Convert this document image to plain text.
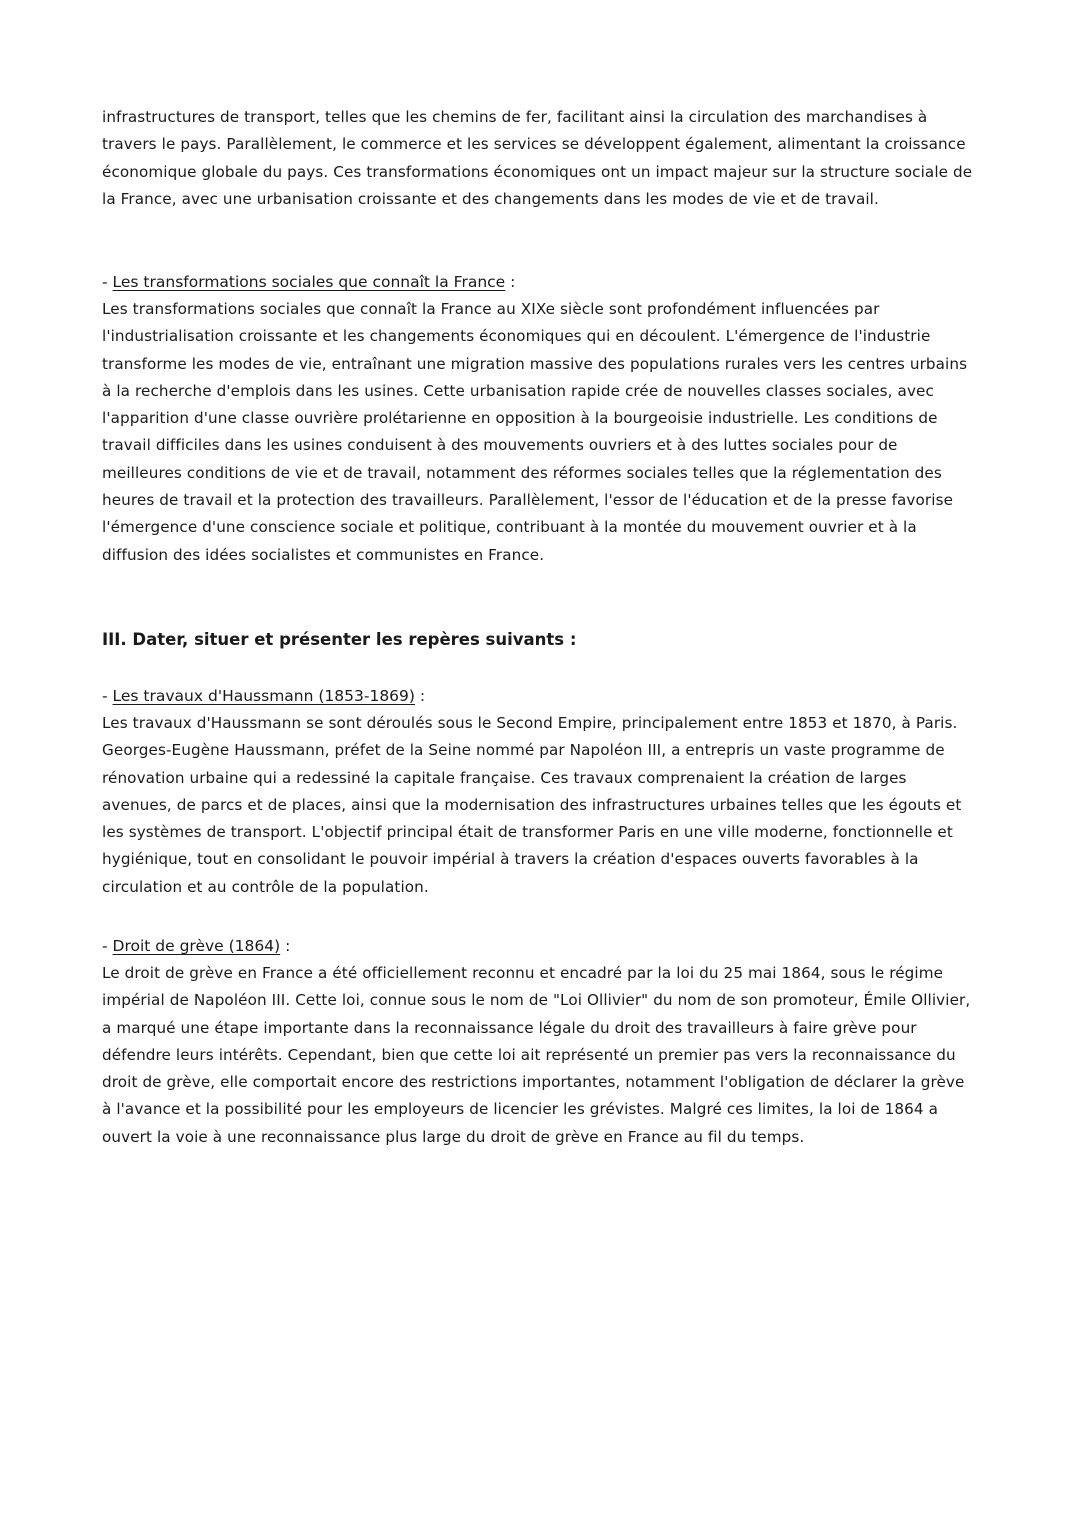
infrastructures de transport, telles que les chemins de fer, facilitant ainsi la circulation des marchandises à travers le pays. Parallèlement, le commerce et les services se développent également, alimentant la croissance économique globale du pays. Ces transformations économiques ont un impact majeur sur la structure sociale de la France, avec une urbanisation croissante et des changements dans les modes de vie et de travail.

- Les transformations sociales que connaît la France :

Les transformations sociales que connaît la France au XIXe siècle sont profondément influencées par l'industrialisation croissante et les changements économiques qui en découlent. L'émergence de l'industrie transforme les modes de vie, entraînant une migration massive des populations rurales vers les centres urbains à la recherche d'emplois dans les usines. Cette urbanisation rapide crée de nouvelles classes sociales, avec l'apparition d'une classe ouvrière prolétarienne en opposition à la bourgeoisie industrielle. Les conditions de travail difficiles dans les usines conduisent à des mouvements ouvriers et à des luttes sociales pour de meilleures conditions de vie et de travail, notamment des réformes sociales telles que la réglementation des heures de travail et la protection des travailleurs. Parallèlement, l'essor de l'éducation et de la presse favorise l'émergence d'une conscience sociale et politique, contribuant à la montée du mouvement ouvrier et à la diffusion des idées socialistes et communistes en France.

III. Dater, situer et présenter les repères suivants :

- Les travaux d'Haussmann (1853-1869) :

Les travaux d'Haussmann se sont déroulés sous le Second Empire, principalement entre 1853 et 1870, à Paris. Georges-Eugène Haussmann, préfet de la Seine nommé par Napoléon III, a entrepris un vaste programme de rénovation urbaine qui a redessiné la capitale française. Ces travaux comprenaient la création de larges avenues, de parcs et de places, ainsi que la modernisation des infrastructures urbaines telles que les égouts et les systèmes de transport. L'objectif principal était de transformer Paris en une ville moderne, fonctionnelle et hygiénique, tout en consolidant le pouvoir impérial à travers la création d'espaces ouverts favorables à la circulation et au contrôle de la population.

- Droit de grève (1864) :

Le droit de grève en France a été officiellement reconnu et encadré par la loi du 25 mai 1864, sous le régime impérial de Napoléon III. Cette loi, connue sous le nom de "Loi Ollivier" du nom de son promoteur, Émile Ollivier, a marqué une étape importante dans la reconnaissance légale du droit des travailleurs à faire grève pour défendre leurs intérêts. Cependant, bien que cette loi ait représenté un premier pas vers la reconnaissance du droit de grève, elle comportait encore des restrictions importantes, notamment l'obligation de déclarer la grève à l'avance et la possibilité pour les employeurs de licencier les grévistes. Malgré ces limites, la loi de 1864 a ouvert la voie à une reconnaissance plus large du droit de grève en France au fil du temps.
